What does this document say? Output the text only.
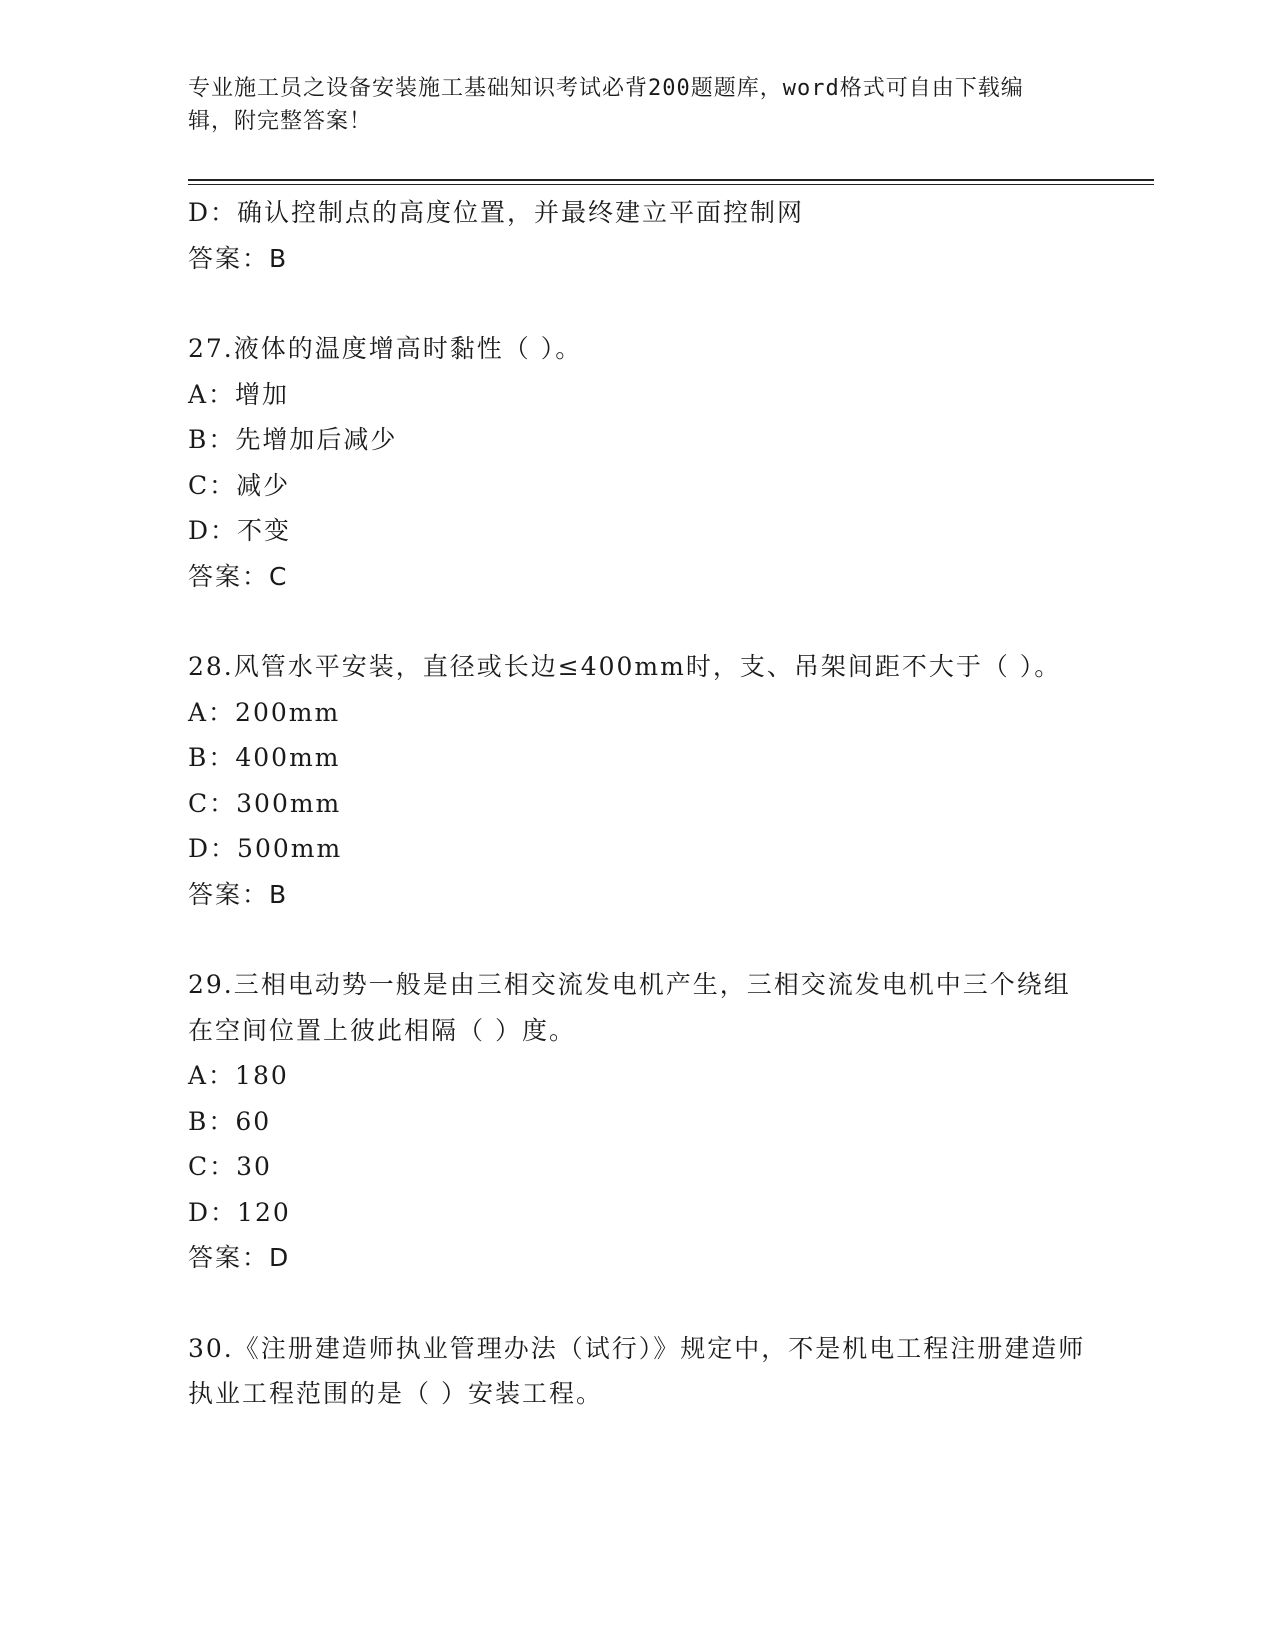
专业施工员之设备安装施工基础知识考试必背200题题库，word格式可自由下载编辑，附完整答案！
D：确认控制点的高度位置，并最终建立平面控制网
答案：B
27.液体的温度增高时黏性（ ）。
A：增加
B：先增加后减少
C：减少
D：不变
答案：C
28.风管水平安装，直径或长边≤400mm时，支、吊架间距不大于（ ）。
A：200mm
B：400mm
C：300mm
D：500mm
答案：B
29.三相电动势一般是由三相交流发电机产生，三相交流发电机中三个绕组在空间位置上彼此相隔（ ）度。
A：180
B：60
C：30
D：120
答案：D
30.《注册建造师执业管理办法（试行）》规定中，不是机电工程注册建造师执业工程范围的是（ ）安装工程。
